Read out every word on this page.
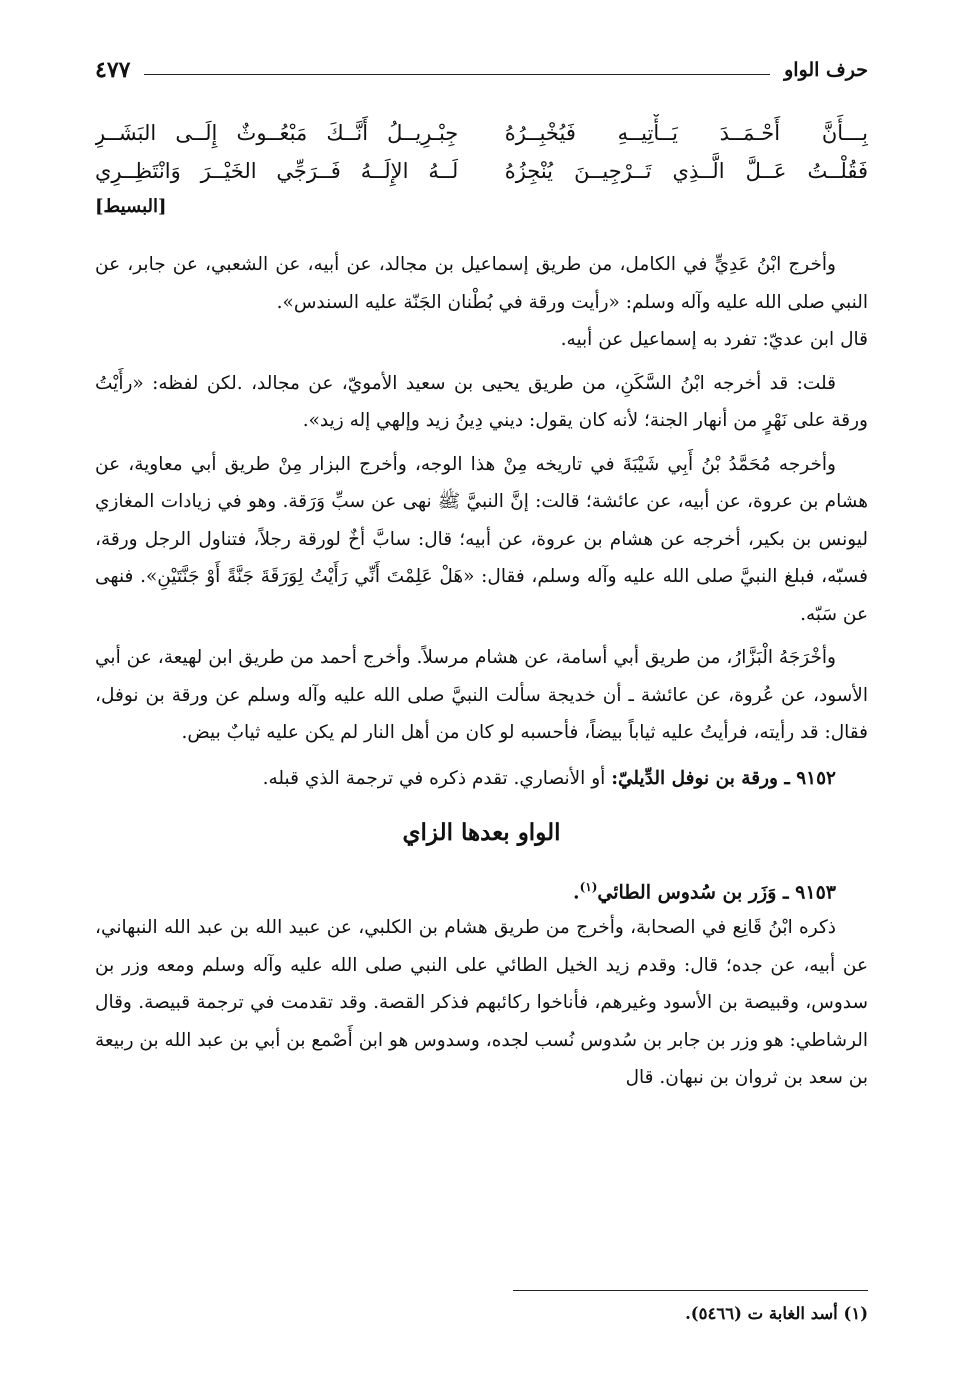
حرف الواو
٤٧٧
بِـــأَنَّ أَحْـمَــدَ يَــأْتِيــهِ فَيُخْبِــرُهُ
جِبْـرِيــلُ أَنَّــكَ مَبْعُــوثٌ إِلَــى البَشَــرِ
فَقُلْــتُ عَــلَّ الَّــذِي تَــرْجِيــنَ يُنْجِزُهُ
لَــهُ الإِلَــهُ فَــرَجِّي الخَيْــرَ وَانْتَظِــرِي
[البسيط]

وأخرج ابْنُ عَدِيٍّ في الكامل، من طريق إسماعيل بن مجالد، عن أبيه، عن الشعبي، عن جابر، عن النبي صلى الله عليه وآله وسلم: «رأيت ورقة في بُطْنان الجَنّة عليه السندس».

قال ابن عديّ: تفرد به إسماعيل عن أبيه.

قلت: قد أخرجه ابْنُ السَّكَنِ، من طريق يحيى بن سعيد الأمويّ، عن مجالد، .لكن لفظه: «رأَيْتُ ورقة على نَهْرٍ من أنهار الجنة؛ لأنه كان يقول: ديني دِينُ زيد وإلهي إله زيد».

وأخرجه مُحَمَّدُ بْنُ أَبِي شَيْبَةَ في تاريخه مِنْ هذا الوجه، وأخرج البزار مِنْ طريق أبي معاوية، عن هشام بن عروة، عن أبيه، عن عائشة؛ قالت: إنَّ النبيَّ ﷺ نهى عن سبِّ وَرَقة. وهو في زيادات المغازي ليونس بن بكير، أخرجه عن هشام بن عروة، عن أبيه؛ قال: سابَّ أخٌ لورقة رجلاً، فتناول الرجل ورقة، فسبّه، فبلغ النبيَّ صلى الله عليه وآله وسلم، فقال: «هَلْ عَلِمْتَ أَنِّي رَأَيْتُ لِوَرَقَةَ جَنَّةً أَوْ جَنَّتَيْنِ». فنهى عن سَبّه.

وأخْرَجَهُ الْبَزَّارُ، من طريق أبي أسامة، عن هشام مرسلاً. وأخرج أحمد من طريق ابن لهيعة، عن أبي الأسود، عن عُروة، عن عائشة ـ أن خديجة سألت النبيَّ صلى الله عليه وآله وسلم عن ورقة بن نوفل، فقال: قد رأيته، فرأيتُ عليه ثياباً بيضاً، فأحسبه لو كان من أهل النار لم يكن عليه ثيابٌ بيض.

٩١٥٢ ـ ورقة بن نوفل الدِّيليّ: أو الأنصاري. تقدم ذكره في ترجمة الذي قبله.
الواو بعدها الزاي
٩١٥٣ ـ وَزَر بن سُدوس الطائي$^{(١)}$.

ذكره ابْنُ قَانِع في الصحابة، وأخرج من طريق هشام بن الكلبي، عن عبيد الله بن عبد الله النبهاني، عن أبيه، عن جده؛ قال: وقدم زيد الخيل الطائي على النبي صلى الله عليه وآله وسلم ومعه وزر بن سدوس، وقبيصة بن الأسود وغيرهم، فأناخوا ركائبهم فذكر القصة. وقد تقدمت في ترجمة قبيصة. وقال الرشاطي: هو وزر بن جابر بن سُدوس نُسب لجده، وسدوس هو ابن أَصْمع بن أبي بن عبد الله بن ربيعة بن سعد بن ثروان بن نبهان. قال

(١) أسد الغابة ت (٥٤٦٦).
